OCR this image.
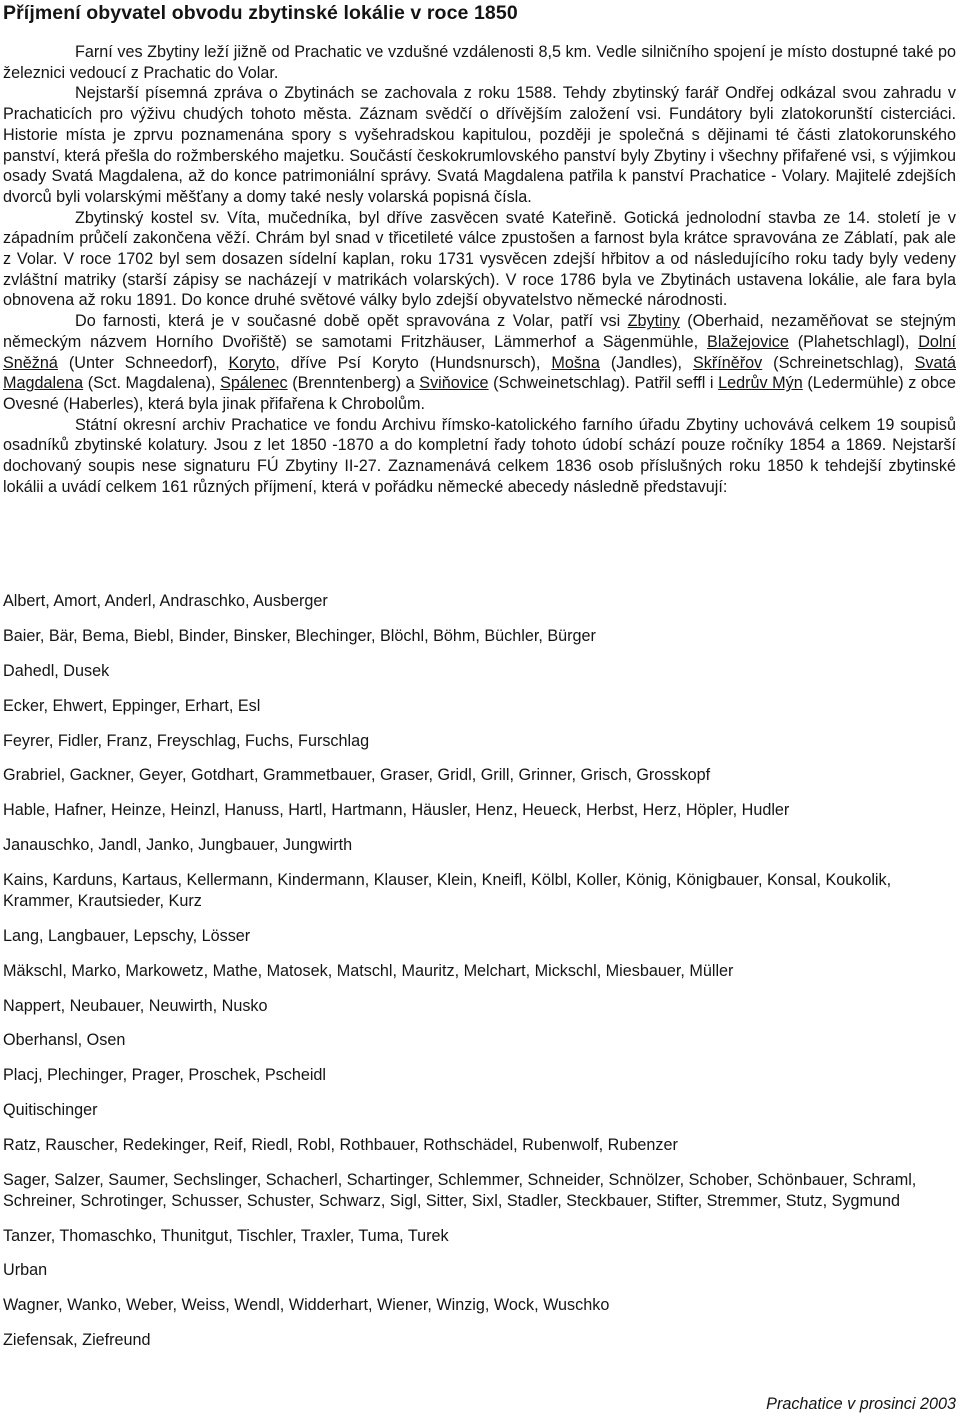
Příjmení obyvatel obvodu zbytinské lokálie v roce 1850

Farní ves Zbytiny leží jižně od Prachatic ve vzdušné vzdálenosti 8,5 km. Vedle silničního spojení je místo dostupné také po železnici vedoucí z Prachatic do Volar.

Nejstarší písemná zpráva o Zbytinách se zachovala z roku 1588. Tehdy zbytinský farář Ondřej odkázal svou zahradu v Prachaticích pro výživu chudých tohoto města. Záznam svědčí o dřívějším založení vsi. Fundátory byli zlatokorunští cisterciáci. Historie místa je zprvu poznamenána spory s vyšehradskou kapitulou, později je společná s dějinami té části zlatokorunského panství, která přešla do rožmberského majetku. Součástí českokrumlovského panství byly Zbytiny i všechny přifařené vsi, s výjimkou osady Svatá Magdalena, až do konce patrimoniální správy. Svatá Magdalena patřila k panství Prachatice - Volary. Majitelé zdejších dvorců byli volarskými měšťany a domy také nesly volarská popisná čísla.

Zbytinský kostel sv. Víta, mučedníka, byl dříve zasvěcen svaté Kateřině. Gotická jednolodní stavba ze 14. století je v západním průčelí zakončena věží. Chrám byl snad v třicetileté válce zpustošen a farnost byla krátce spravována ze Záblatí, pak ale z Volar. V roce 1702 byl sem dosazen sídelní kaplan, roku 1731 vysvěcen zdejší hřbitov a od následujícího roku tady byly vedeny zvláštní matriky (starší zápisy se nacházejí v matrikách volarských). V roce 1786 byla ve Zbytinách ustavena lokálie, ale fara byla obnovena až roku 1891. Do konce druhé světové války bylo zdejší obyvatelstvo německé národnosti.

Do farnosti, která je v současné době opět spravována z Volar, patří vsi Zbytiny (Oberhaid, nezaměňovat se stejným německým názvem Horního Dvořiště) se samotami Fritzhäuser, Lämmerhof a Sägenmühle, Blažejovice (Plahetschlagl), Dolní Sněžná (Unter Schneedorf), Koryto, dříve Psí Koryto (Hundsnursch), Mošna (Jandles), Skříněřov (Schreinetschlag), Svatá Magdalena (Sct. Magdalena), Spálenec (Brenntenberg) a Sviňovice (Schweinetschlag). Patřil seffl i Ledrův Mýn (Ledermühle) z obce Ovesné (Haberles), která byla jinak přifařena k Chrobolům.

Státní okresní archiv Prachatice ve fondu Archivu římsko-katolického farního úřadu Zbytiny uchovává celkem 19 soupisů osadníků zbytinské kolatury. Jsou z let 1850 -1870 a do kompletní řady tohoto údobí schází pouze ročníky 1854 a 1869. Nejstarší dochovaný soupis nese signaturu FÚ Zbytiny II-27. Zaznamenává celkem 1836 osob příslušných roku 1850 k tehdejší zbytinské lokálii a uvádí celkem 161 různých příjmení, která v pořádku německé abecedy následně představují:

Albert, Amort, Anderl, Andraschko, Ausberger

Baier, Bär, Bema, Biebl, Binder, Binsker, Blechinger, Blöchl, Böhm, Büchler, Bürger

Dahedl, Dusek

Ecker, Ehwert, Eppinger, Erhart, Esl

Feyrer, Fidler, Franz, Freyschlag, Fuchs, Furschlag

Grabriel, Gackner, Geyer, Gotdhart, Grammetbauer, Graser, Gridl, Grill, Grinner, Grisch, Grosskopf

Hable, Hafner, Heinze, Heinzl, Hanuss, Hartl, Hartmann, Häusler, Henz, Heueck, Herbst, Herz, Höpler, Hudler

Janauschko, Jandl, Janko, Jungbauer, Jungwirth

Kains, Karduns, Kartaus, Kellermann, Kindermann, Klauser, Klein, Kneifl, Kölbl, Koller, König, Königbauer, Konsal, Koukolik, Krammer, Krautsieder, Kurz

Lang, Langbauer, Lepschy, Lösser

Mäkschl, Marko, Markowetz, Mathe, Matosek, Matschl, Mauritz, Melchart, Mickschl, Miesbauer, Müller

Nappert, Neubauer, Neuwirth, Nusko

Oberhansl, Osen

Placj, Plechinger, Prager, Proschek, Pscheidl

Quitischinger

Ratz, Rauscher, Redekinger, Reif, Riedl, Robl, Rothbauer, Rothschädel, Rubenwolf, Rubenzer

Sager, Salzer, Saumer, Sechslinger, Schacherl, Schartinger, Schlemmer, Schneider, Schnölzer, Schober, Schönbauer, Schraml, Schreiner, Schrotinger, Schusser, Schuster, Schwarz, Sigl, Sitter, Sixl, Stadler, Steckbauer, Stifter, Stremmer, Stutz, Sygmund

Tanzer, Thomaschko, Thunitgut, Tischler, Traxler, Tuma, Turek

Urban

Wagner, Wanko, Weber, Weiss, Wendl, Widderhart, Wiener, Winzig, Wock, Wuschko

Ziefensak, Ziefreund

Prachatice v prosinci 2003
